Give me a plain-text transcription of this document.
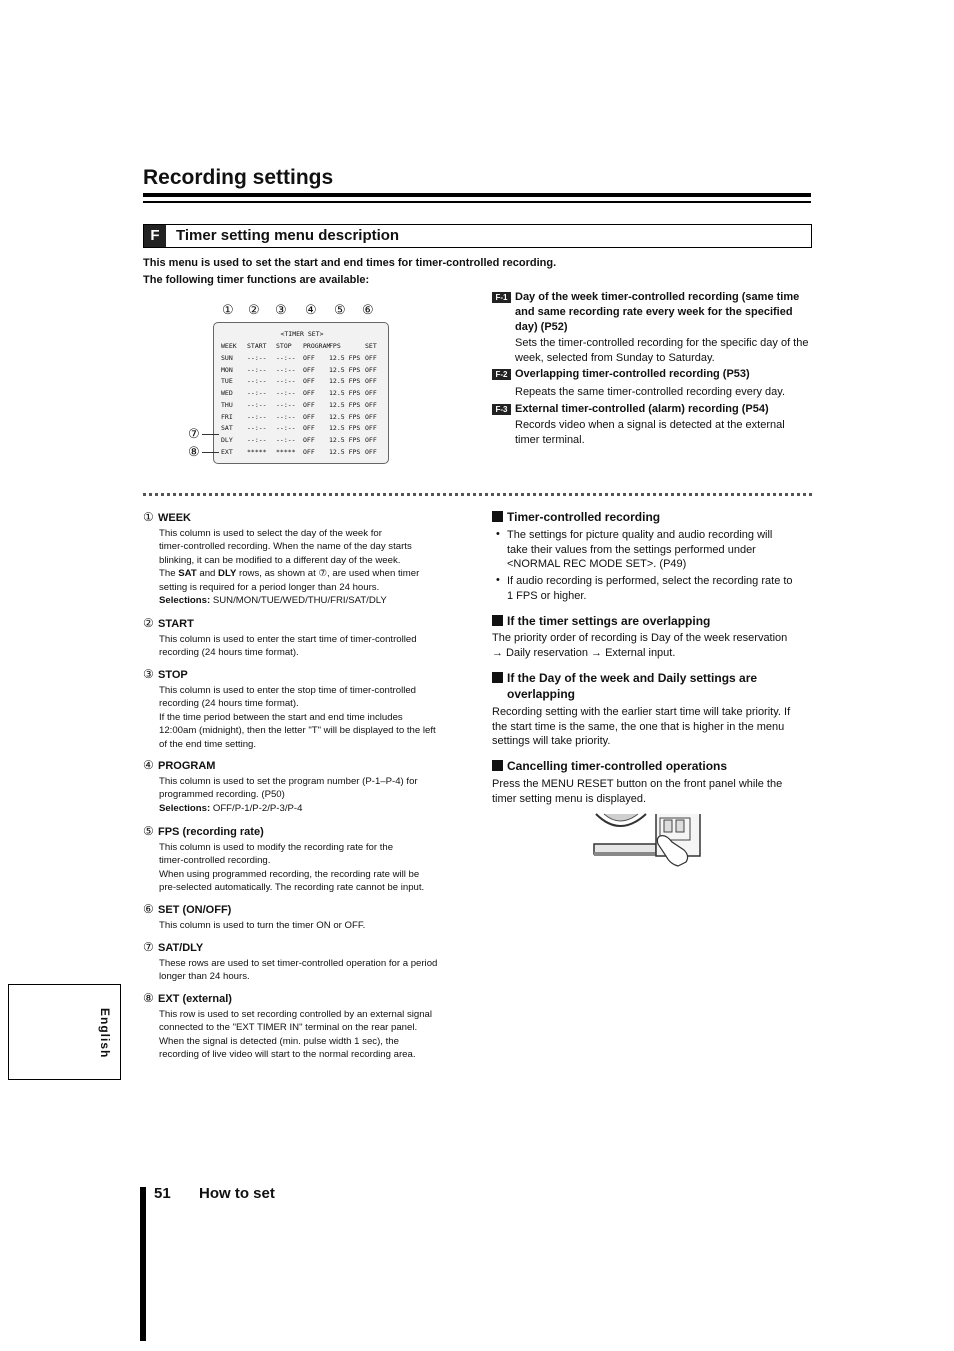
Recording settings
F	Timer setting menu description
This menu is used to set the start and end times for timer-controlled recording.
The following timer functions are available:
① ② ③ ④ ⑤ ⑥
<TIMER SET>
WEEK START STOP PROGRAM
FPS	SET
SUN --:-- --:-- OFF 12.5 FPS OFF
MON --:-- --:-- OFF 12.5 FPS OFF
TUE --:-- --:-- OFF 12.5 FPS OFF
WED --:-- --:-- OFF 12.5 FPS OFF
THU --:-- --:-- OFF 12.5 FPS OFF
FRI --:-- --:-- OFF 12.5 FPS OFF
SAT --:-- --:-- OFF 12.5 FPS OFF
DLY --:-- --:-- OFF 12.5 FPS OFF
EXT ***** ***** OFF 12.5 FPS OFF
⑦
⑧
F-1 Day of the week timer-controlled recording (same time and same recording rate every week for the specified day) (P52)
Sets the timer-controlled recording for the specific day of the week, selected from Sunday to Saturday.
F-2 Overlapping timer-controlled recording (P53)
Repeats the same timer-controlled recording every day.
F-3 External timer-controlled (alarm) recording (P54)
Records video when a signal is detected at the external timer terminal.
① WEEK
This column is used to select the day of the week for
timer-controlled recording. When the name of the day starts
blinking, it can be modified to a different day of the week.
The SAT and DLY rows, as shown at ⑦, are used when timer
setting is required for a period longer than 24 hours.
Selections: SUN/MON/TUE/WED/THU/FRI/SAT/DLY
② START
This column is used to enter the start time of timer-controlled
recording (24 hours time format).
③ STOP
This column is used to enter the stop time of timer-controlled
recording (24 hours time format).
If the time period between the start and end time includes
12:00am (midnight), then the letter "T" will be displayed to the left
of the end time setting.
④ PROGRAM
This column is used to set the program number (P-1–P-4) for
programmed recording. (P50)
Selections: OFF/P-1/P-2/P-3/P-4
⑤ FPS (recording rate)
This column is used to modify the recording rate for the
timer-controlled recording.
When using programmed recording, the recording rate will be
pre-selected automatically. The recording rate cannot be input.
⑥ SET (ON/OFF)
This column is used to turn the timer ON or OFF.
⑦ SAT/DLY
These rows are used to set timer-controlled operation for a period
longer than 24 hours.
⑧ EXT (external)
This row is used to set recording controlled by an external signal
connected to the "EXT TIMER IN" terminal on the rear panel.
When the signal is detected (min. pulse width 1 sec), the
recording of live video will start to the normal recording area.
Timer-controlled recording
• The settings for picture quality and audio recording will
take their values from the settings performed under
<NORMAL REC MODE SET>. (P49)
• If audio recording is performed, select the recording rate to
1 FPS or higher.
If the timer settings are overlapping
The priority order of recording is Day of the week reservation
→ Daily reservation → External input.
If the Day of the week and Daily settings are
overlapping
Recording setting with the earlier start time will take priority. If
the start time is the same, the one that is higher in the menu
settings will take priority.
Cancelling timer-controlled operations
Press the MENU RESET button on the front panel while the
timer setting menu is displayed.
English
51 How to set
